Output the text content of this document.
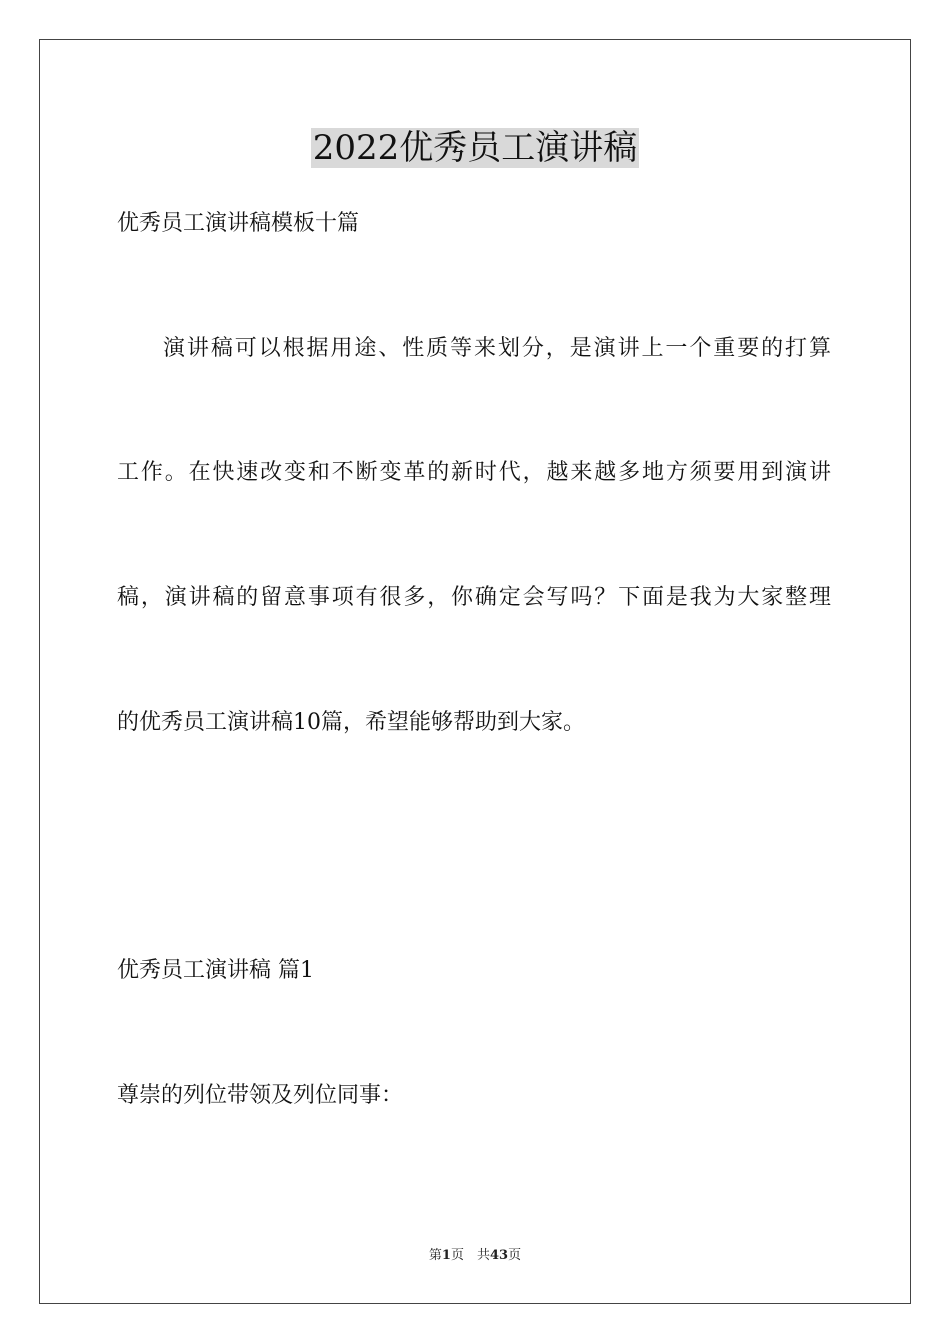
2022优秀员工演讲稿
优秀员工演讲稿模板十篇
演讲稿可以根据用途、性质等来划分，是演讲上一个重要的打算
工作。在快速改变和不断变革的新时代，越来越多地方须要用到演讲
稿，演讲稿的留意事项有很多，你确定会写吗？下面是我为大家整理
的优秀员工演讲稿10篇，希望能够帮助到大家。
优秀员工演讲稿 篇1
尊崇的列位带领及列位同事：
第1页　共43页
